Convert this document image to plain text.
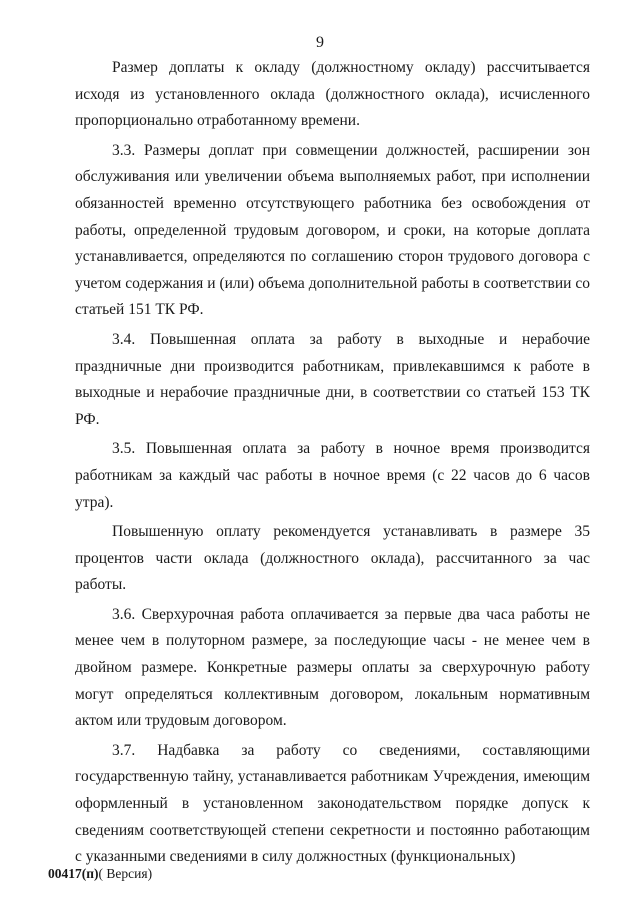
9

Размер доплаты к окладу (должностному окладу) рассчитывается исходя из установленного оклада (должностного оклада), исчисленного пропорционально отработанному времени.

3.3. Размеры доплат при совмещении должностей, расширении зон обслуживания или увеличении объема выполняемых работ, при исполнении обязанностей временно отсутствующего работника без освобождения от работы, определенной трудовым договором, и сроки, на которые доплата устанавливается, определяются по соглашению сторон трудового договора с учетом содержания и (или) объема дополнительной работы в соответствии со статьей 151 ТК РФ.

3.4. Повышенная оплата за работу в выходные и нерабочие праздничные дни производится работникам, привлекавшимся к работе в выходные и нерабочие праздничные дни, в соответствии со статьей 153 ТК РФ.

3.5. Повышенная оплата за работу в ночное время производится работникам за каждый час работы в ночное время (с 22 часов до 6 часов утра).

Повышенную оплату рекомендуется устанавливать в размере 35 процентов части оклада (должностного оклада), рассчитанного за час работы.

3.6. Сверхурочная работа оплачивается за первые два часа работы не менее чем в полуторном размере, за последующие часы - не менее чем в двойном размере. Конкретные размеры оплаты за сверхурочную работу могут определяться коллективным договором, локальным нормативным актом или трудовым договором.

3.7. Надбавка за работу со сведениями, составляющими государственную тайну, устанавливается работникам Учреждения, имеющим оформленный в установленном законодательством порядке допуск к сведениям соответствующей степени секретности и постоянно работающим с указанными сведениями в силу должностных (функциональных)

00417(п)( Версия)
